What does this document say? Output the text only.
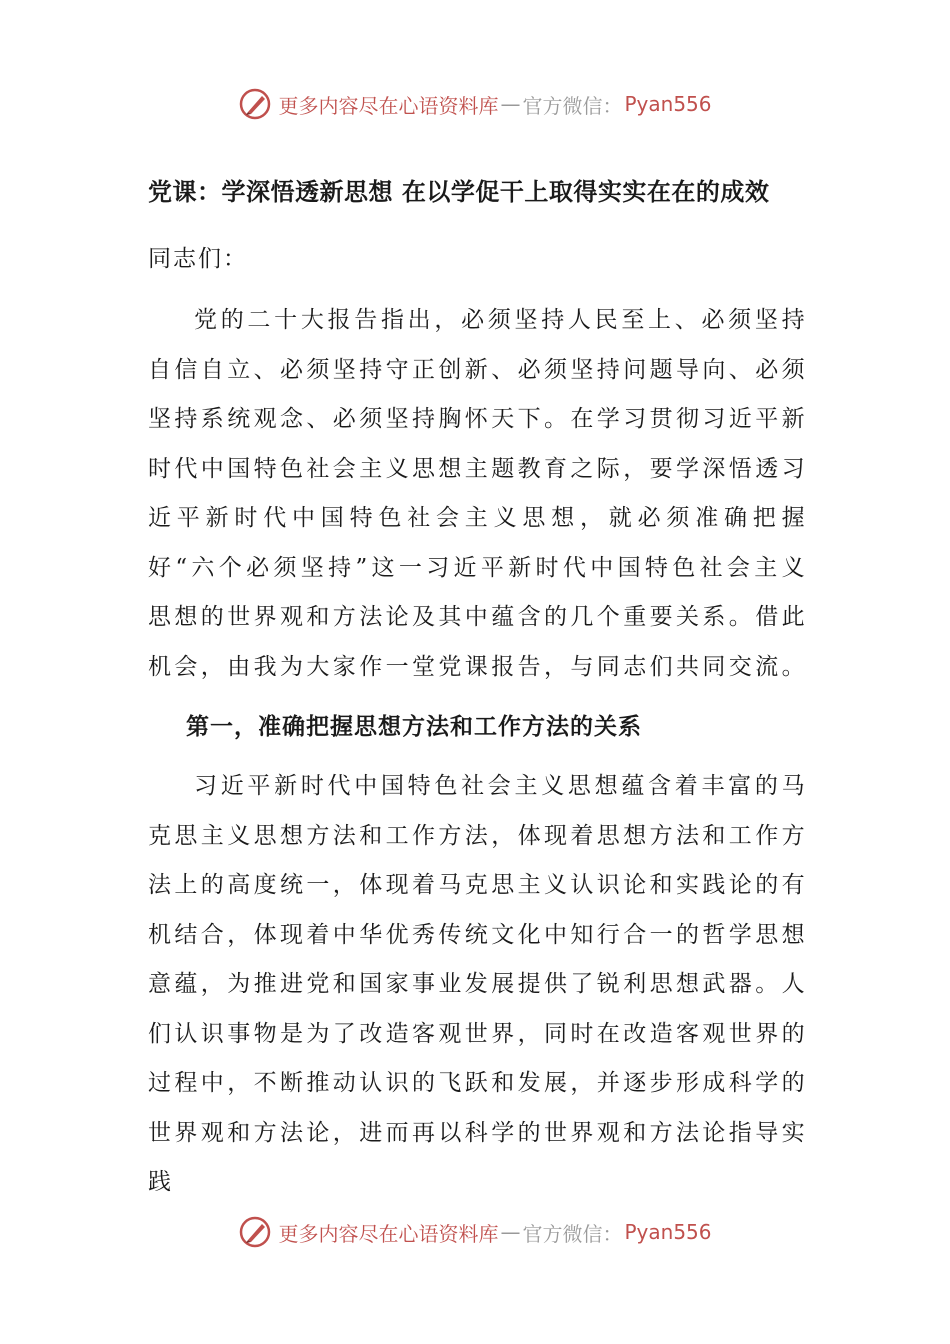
更多内容尽在心语资料库 — 官方微信： Pyan556
党课：学深悟透新思想 在以学促干上取得实实在在的成效
同志们：

党的二十大报告指出，必须坚持人民至上、必须坚持自信自立、必须坚持守正创新、必须坚持问题导向、必须坚持系统观念、必须坚持胸怀天下。在学习贯彻习近平新时代中国特色社会主义思想主题教育之际，要学深悟透习近平新时代中国特色社会主义思想，就必须准确把握好“六个必须坚持”这一习近平新时代中国特色社会主义思想的世界观和方法论及其中蕴含的几个重要关系。借此机会，由我为大家作一堂党课报告，与同志们共同交流。

第一，准确把握思想方法和工作方法的关系

习近平新时代中国特色社会主义思想蕴含着丰富的马克思主义思想方法和工作方法，体现着思想方法和工作方法上的高度统一，体现着马克思主义认识论和实践论的有机结合，体现着中华优秀传统文化中知行合一的哲学思想意蕴，为推进党和国家事业发展提供了锐利思想武器。人们认识事物是为了改造客观世界，同时在改造客观世界的过程中，不断推动认识的飞跃和发展，并逐步形成科学的世界观和方法论，进而再以科学的世界观和方法论指导实践

更多内容尽在心语资料库 — 官方微信： Pyan556
